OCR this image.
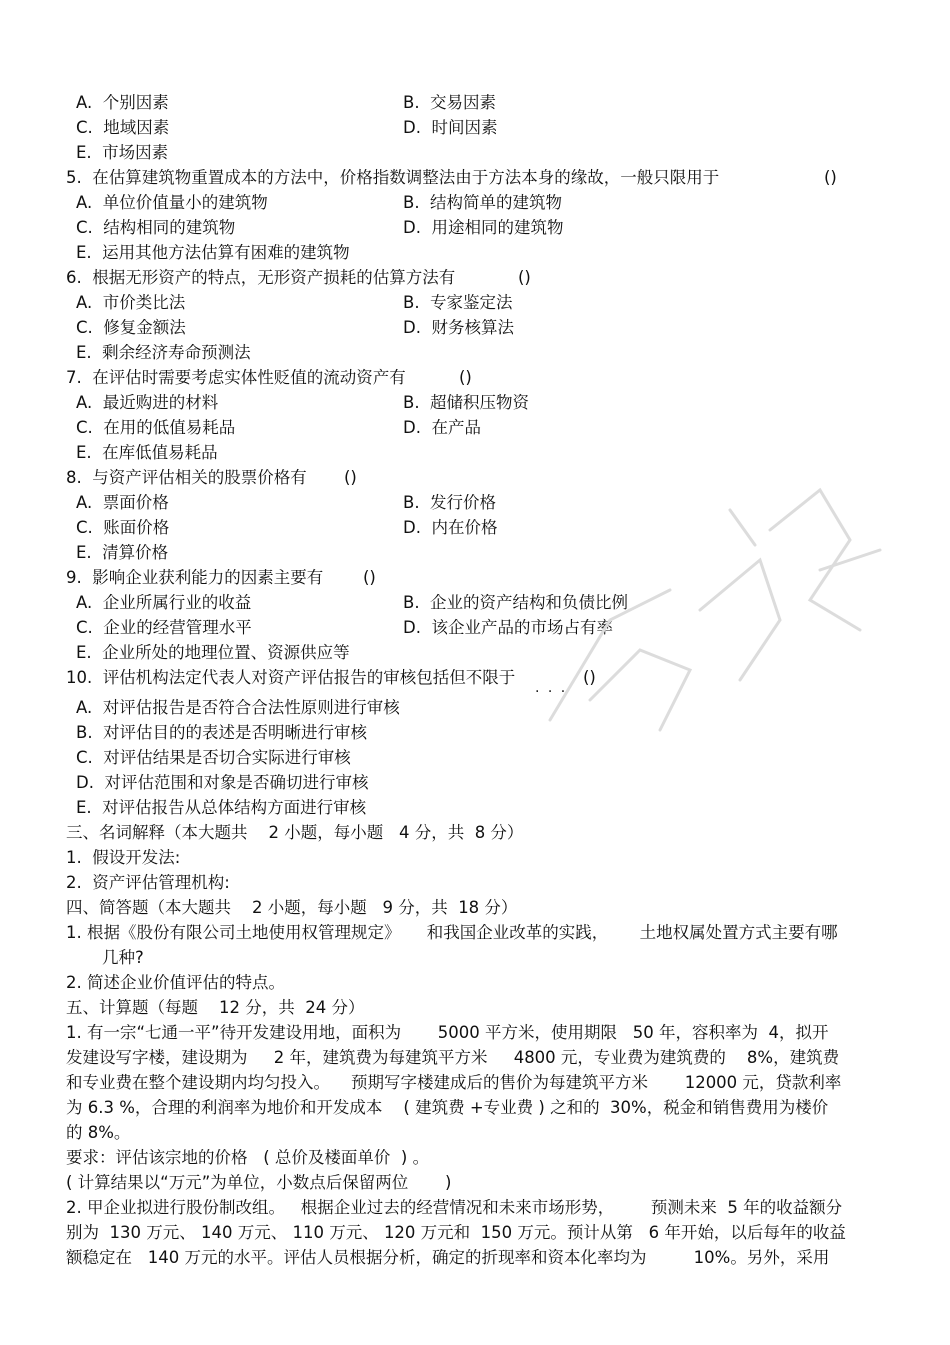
A.  个别因素	B.  交易因素
C.  地域因素	D.  时间因素
E.  市场因素
5.  在估算建筑物重置成本的方法中，价格指数调整法由于方法本身的缘故，一般只限用于	()
A.  单位价值量小的建筑物	B.  结构简单的建筑物
C.  结构相同的建筑物	D.  用途相同的建筑物
E.  运用其他方法估算有困难的建筑物
6.  根据无形资产的特点，无形资产损耗的估算方法有	()
A.  市价类比法	B.  专家鉴定法
C.  修复金额法	D.  财务核算法
E.  剩余经济寿命预测法
7.  在评估时需要考虑实体性贬值的流动资产有	()
A.  最近购进的材料	B.  超储积压物资
C.  在用的低值易耗品	D.  在产品
E.  在库低值易耗品
8.  与资产评估相关的股票价格有 ()
A.  票面价格	B.  发行价格
C.  账面价格	D.  内在价格
E.  清算价格
9.  影响企业获利能力的因素主要有 ()
A.  企业所属行业的收益	B.  企业的资产结构和负债比例
C.  企业的经营管理水平	D.  该企业产品的市场占有率
E.  企业所处的地理位置、资源供应等
10.  评估机构法定代表人对资产评估报告的审核包括但不限于
. . .
()
A.  对评估报告是否符合合法性原则进行审核
B.  对评估目的的表述是否明晰进行审核
C.  对评估结果是否切合实际进行审核
D.  对评估范围和对象是否确切进行审核
E.  对评估报告从总体结构方面进行审核
三、名词解释（本大题共    2 小题，每小题   4 分，共  8 分）
1.  假设开发法:
2.  资产评估管理机构:
四、简答题（本大题共    2 小题，每小题   9 分，共  18 分）
1. 根据《股份有限公司土地使用权管理规定》     和我国企业改革的实践，      土地权属处置方式主要有哪
几种?
2. 简述企业价值评估的特点。
五、计算题（每题    12 分，共  24 分）
1. 有一宗“七通一平”待开发建设用地，面积为       5000 平方米，使用期限   50 年，容积率为  4，拟开
发建设写字楼，建设期为     2 年，建筑费为每建筑平方米     4800 元，专业费为建筑费的    8%，建筑费
和专业费在整个建设期内均匀投入。    预期写字楼建成后的售价为每建筑平方米       12000 元，贷款利率
为 6.3 %，合理的利润率为地价和开发成本    ( 建筑费 +专业费 ) 之和的  30%，税金和销售费用为楼价
的 8%。
要求：评估该宗地的价格   ( 总价及楼面单价  ) 。
( 计算结果以“万元”为单位，小数点后保留两位       )
2. 甲企业拟进行股份制改组。   根据企业过去的经营情况和未来市场形势，       预测未来  5 年的收益额分
别为  130 万元、 140 万元、 110 万元、 120 万元和  150 万元。预计从第   6 年开始，以后每年的收益
额稳定在   140 万元的水平。评估人员根据分析，确定的折现率和资本化率均为         10%。另外，采用
